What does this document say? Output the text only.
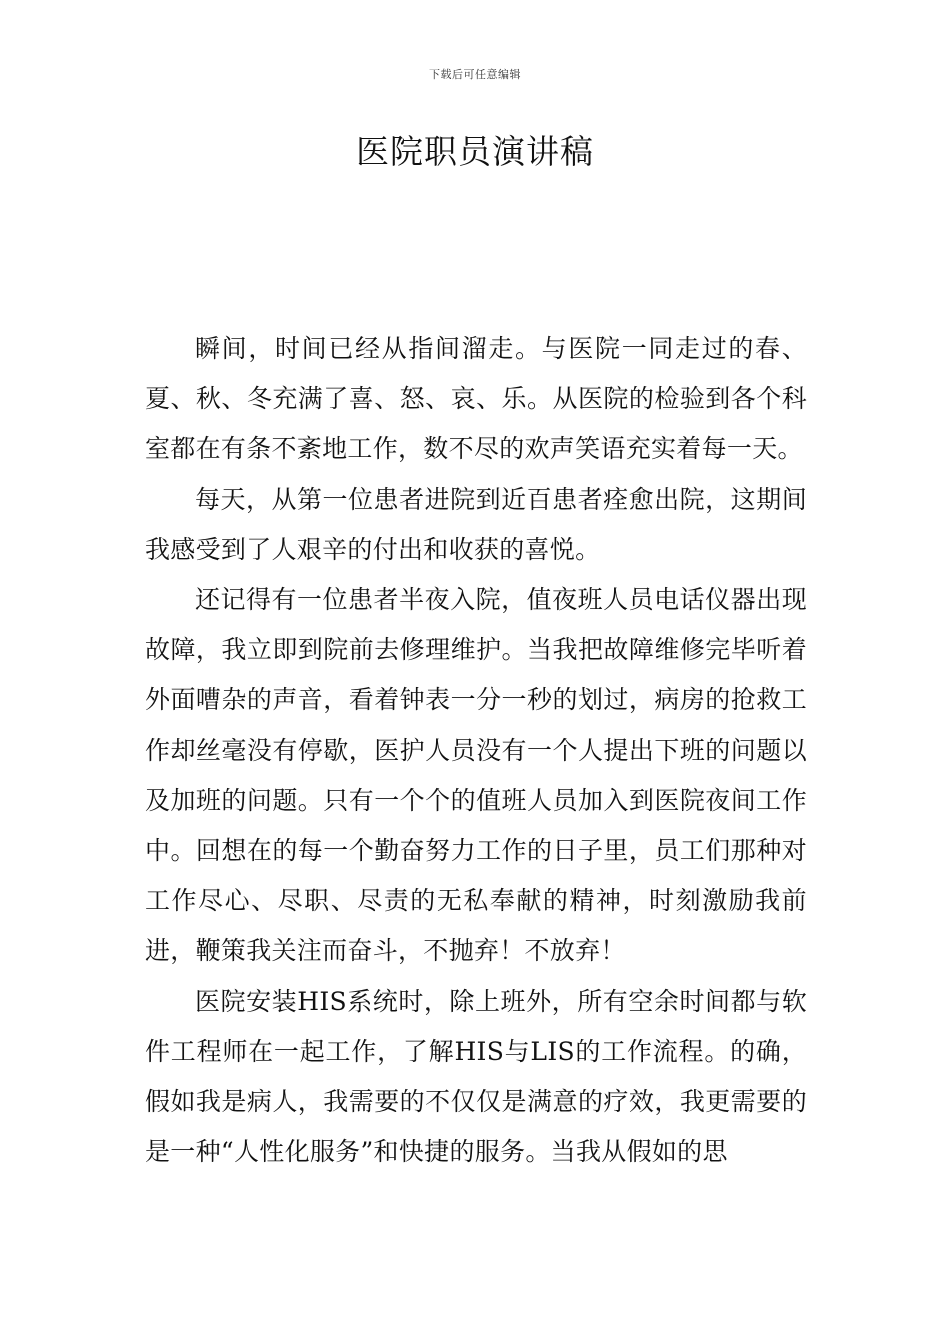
下载后可任意编辑
医院职员演讲稿

瞬间，时间已经从指间溜走。与医院一同走过的春、夏、秋、冬充满了喜、怒、哀、乐。从医院的检验到各个科室都在有条不紊地工作，数不尽的欢声笑语充实着每一天。

每天，从第一位患者进院到近百患者痊愈出院，这期间我感受到了人艰辛的付出和收获的喜悦。

还记得有一位患者半夜入院，值夜班人员电话仪器出现故障，我立即到院前去修理维护。当我把故障维修完毕听着外面嘈杂的声音，看着钟表一分一秒的划过，病房的抢救工作却丝毫没有停歇，医护人员没有一个人提出下班的问题以及加班的问题。只有一个个的值班人员加入到医院夜间工作中。回想在的每一个勤奋努力工作的日子里，员工们那种对工作尽心、尽职、尽责的无私奉献的精神，时刻激励我前进，鞭策我关注而奋斗，不抛弃！不放弃！

医院安装HIS系统时，除上班外，所有空余时间都与软件工程师在一起工作，了解HIS与LIS的工作流程。的确，假如我是病人，我需要的不仅仅是满意的疗效，我更需要的是一种“人性化服务”和快捷的服务。当我从假如的思
